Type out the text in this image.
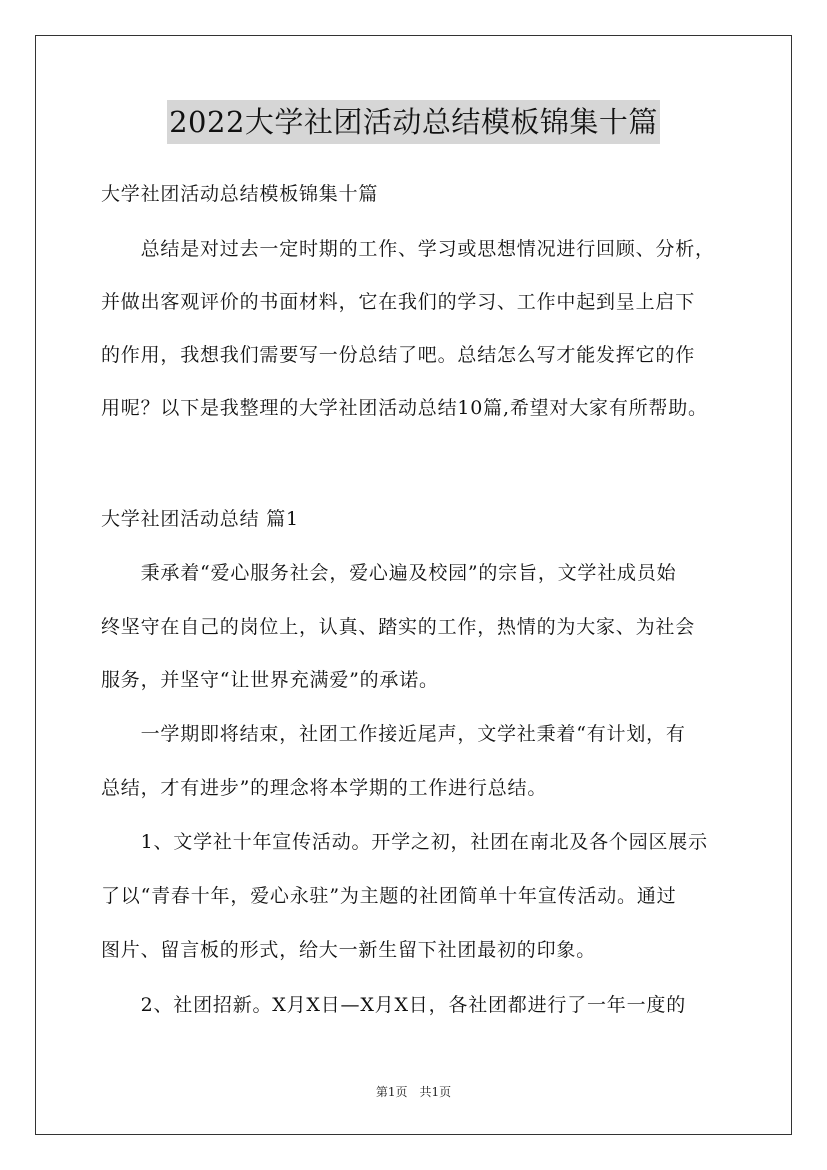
2022大学社团活动总结模板锦集十篇
大学社团活动总结模板锦集十篇
　　总结是对过去一定时期的工作、学习或思想情况进行回顾、分析，
并做出客观评价的书面材料，它在我们的学习、工作中起到呈上启下
的作用，我想我们需要写一份总结了吧。总结怎么写才能发挥它的作
用呢？以下是我整理的大学社团活动总结10篇,希望对大家有所帮助。
大学社团活动总结 篇1
　　秉承着“爱心服务社会，爱心遍及校园”的宗旨，文学社成员始
终坚守在自己的岗位上，认真、踏实的工作，热情的为大家、为社会
服务，并坚守“让世界充满爱”的承诺。
　　一学期即将结束，社团工作接近尾声，文学社秉着“有计划，有
总结，才有进步”的理念将本学期的工作进行总结。
　　1、文学社十年宣传活动。开学之初，社团在南北及各个园区展示
了以“青春十年，爱心永驻”为主题的社团简单十年宣传活动。通过
图片、留言板的形式，给大一新生留下社团最初的印象。
　　2、社团招新。X月X日—X月X日，各社团都进行了一年一度的
第1页　共1页
